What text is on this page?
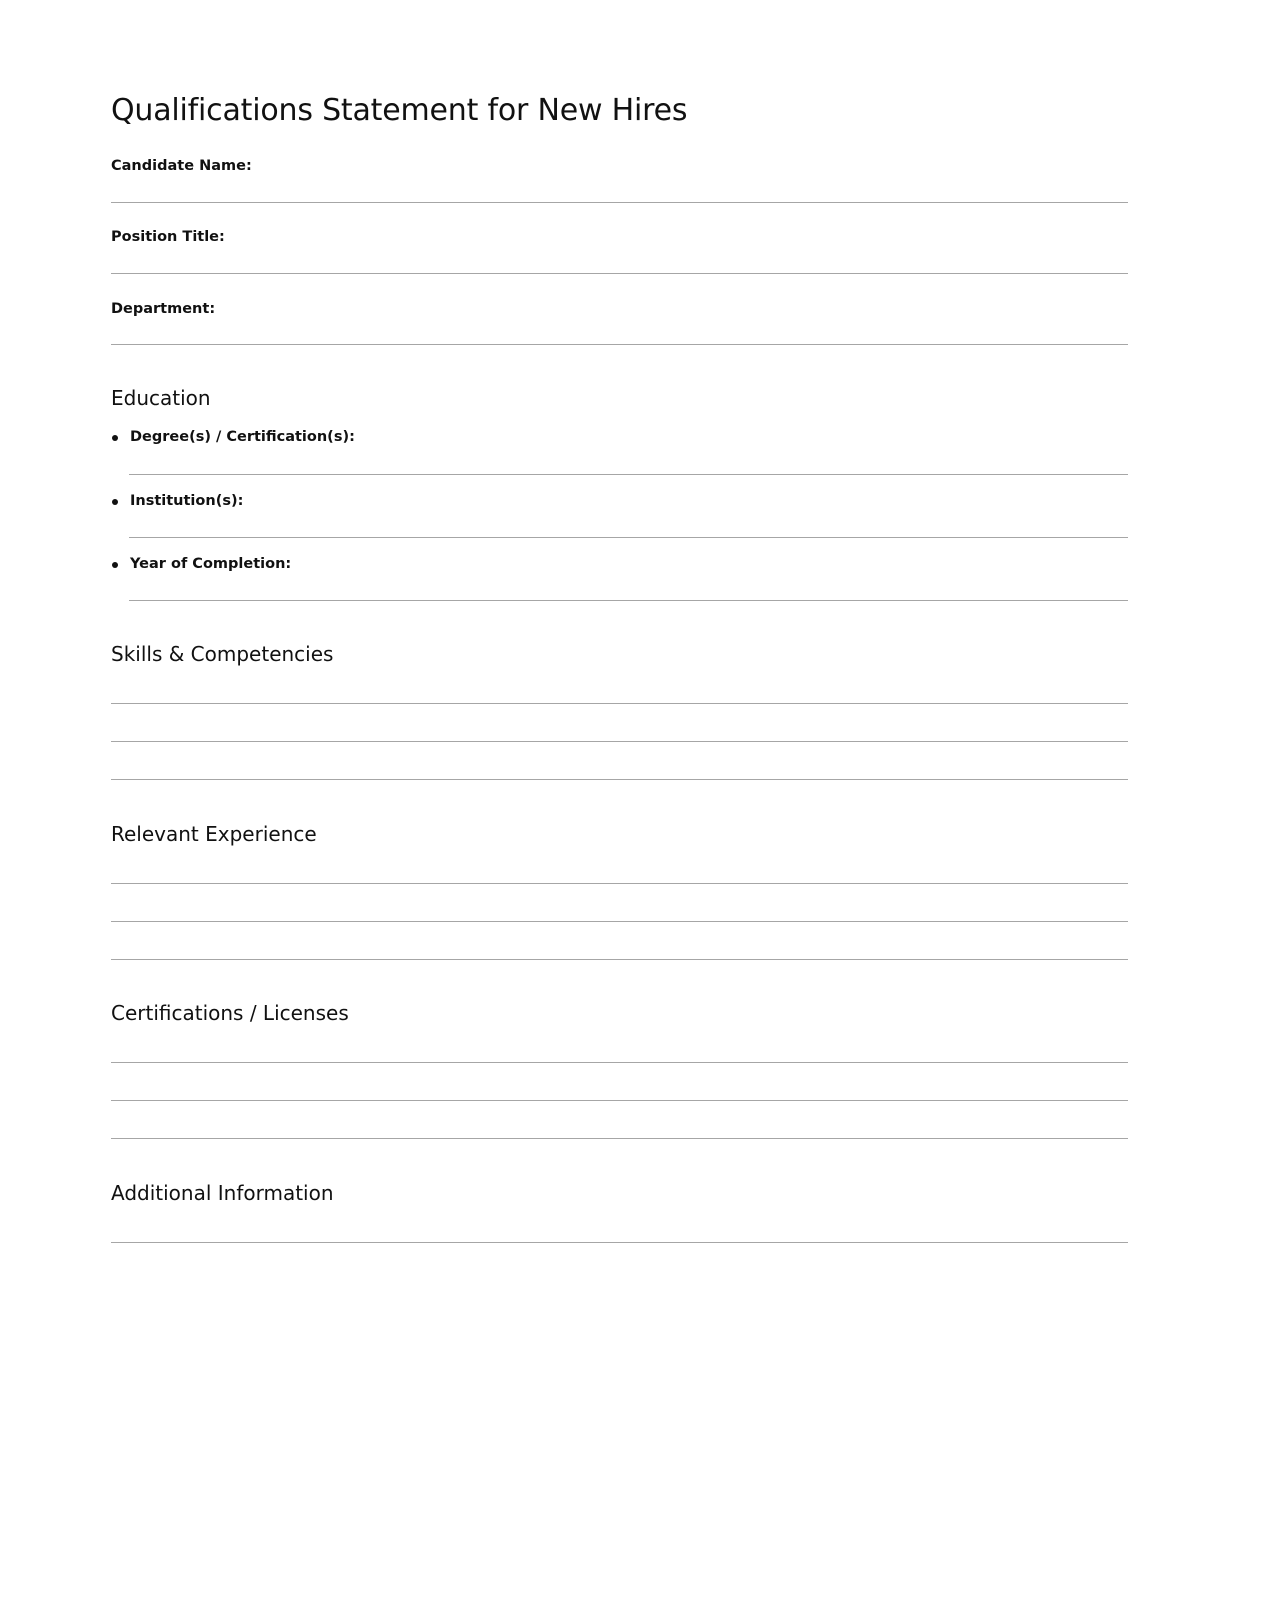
Qualifications Statement for New Hires
Candidate Name:
Position Title:
Department:
Education
Degree(s) / Certification(s):
Institution(s):
Year of Completion:
Skills & Competencies
Relevant Experience
Certifications / Licenses
Additional Information
